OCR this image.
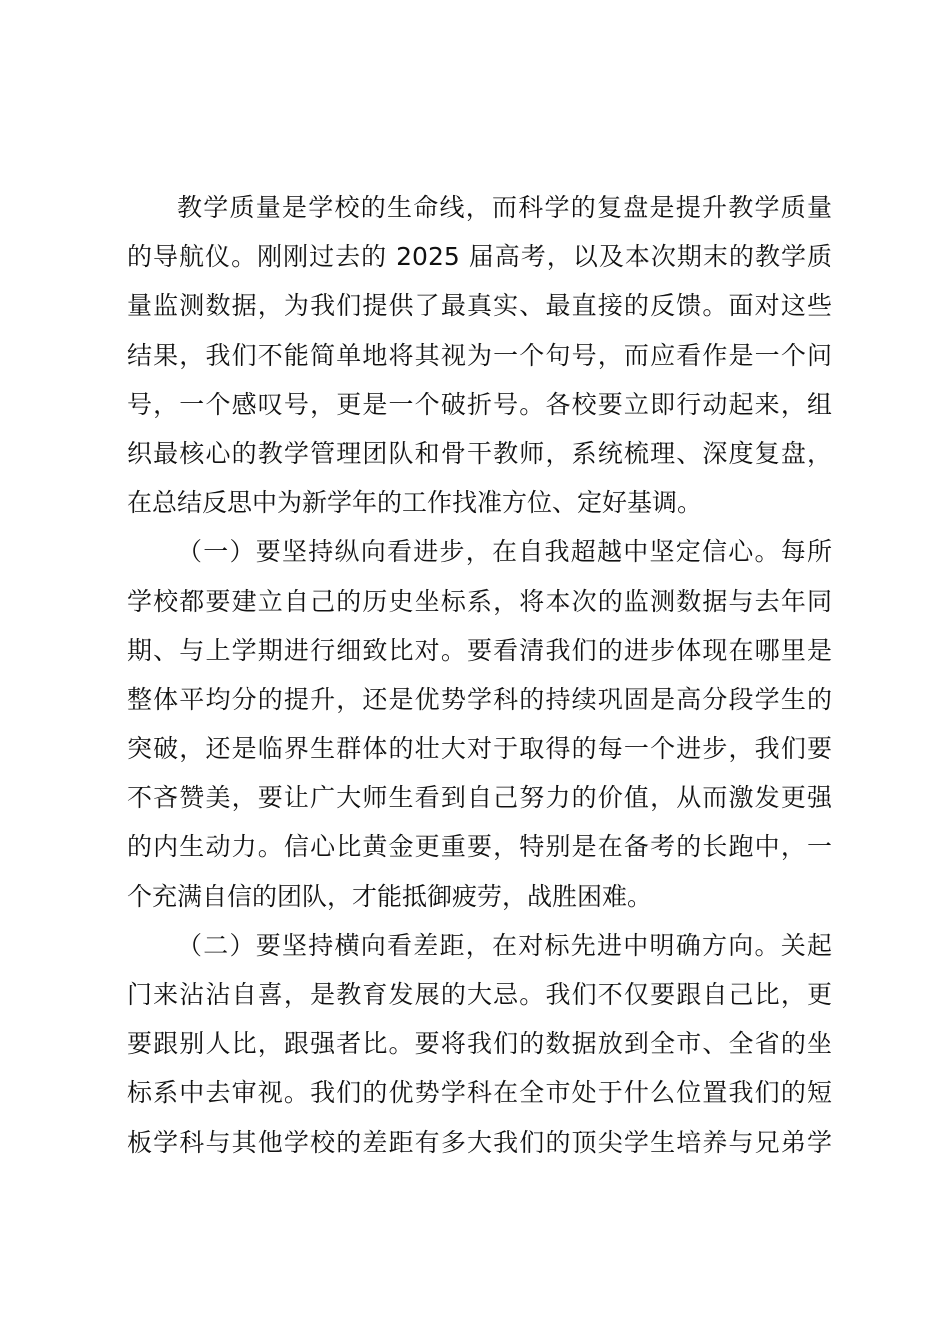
教学质量是学校的生命线，而科学的复盘是提升教学质量
的导航仪。刚刚过去的 2025 届高考，以及本次期末的教学质
量监测数据，为我们提供了最真实、最直接的反馈。面对这些
结果，我们不能简单地将其视为一个句号，而应看作是一个问
号，一个感叹号，更是一个破折号。各校要立即行动起来，组
织最核心的教学管理团队和骨干教师，系统梳理、深度复盘，
在总结反思中为新学年的工作找准方位、定好基调。
（一）要坚持纵向看进步，在自我超越中坚定信心。每所
学校都要建立自己的历史坐标系，将本次的监测数据与去年同
期、与上学期进行细致比对。要看清我们的进步体现在哪里是
整体平均分的提升，还是优势学科的持续巩固是高分段学生的
突破，还是临界生群体的壮大对于取得的每一个进步，我们要
不吝赞美，要让广大师生看到自己努力的价值，从而激发更强
的内生动力。信心比黄金更重要，特别是在备考的长跑中，一
个充满自信的团队，才能抵御疲劳，战胜困难。
（二）要坚持横向看差距，在对标先进中明确方向。关起
门来沾沾自喜，是教育发展的大忌。我们不仅要跟自己比，更
要跟别人比，跟强者比。要将我们的数据放到全市、全省的坐
标系中去审视。我们的优势学科在全市处于什么位置我们的短
板学科与其他学校的差距有多大我们的顶尖学生培养与兄弟学
